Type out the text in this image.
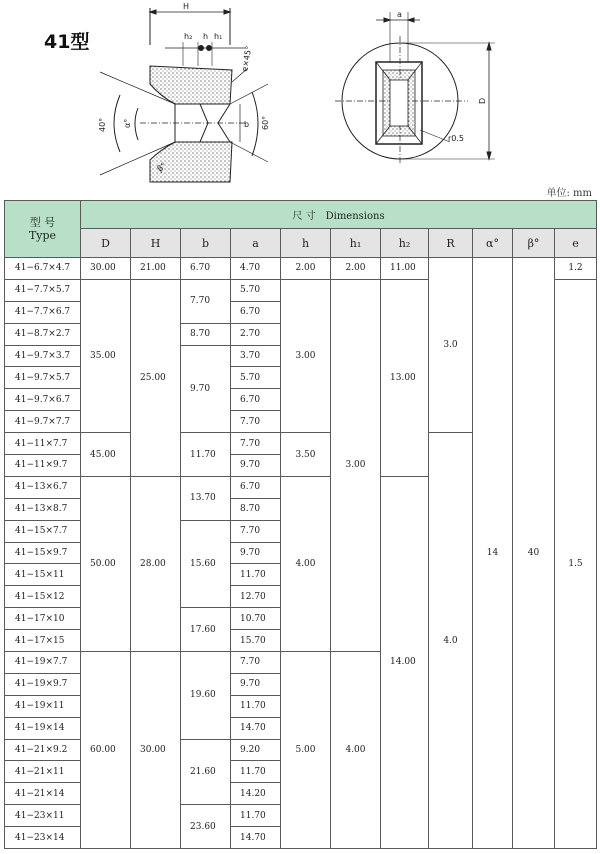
41型
H
h₂ h h₁
e×45°
40° α°	b 60°
β°
a
D
r0.5
单位: mm
型 号
Type	尺 寸　Dimensions										
	D	H	b	a	h	h₁	h₂	R	α°	β°	e
41−6.7×4.7	30.00	21.00	6.70	4.70	2.00	2.00	11.00	3.0	14	40	1.2
41−7.7×5.7	35.00	25.00	7.70	5.70	3.00	3.00	13.00				1.5
41−7.7×6.7				6.70							
41−8.7×2.7			8.70	2.70							
41−9.7×3.7			9.70	3.70							
41−9.7×5.7				5.70							
41−9.7×6.7				6.70							
41−9.7×7.7				7.70							
41−11×7.7	45.00		11.70	7.70	3.50			4.0			
41−11×9.7				9.70							
41−13×6.7	50.00	28.00	13.70	6.70	4.00		14.00				
41−13×8.7				8.70							
41−15×7.7			15.60	7.70							
41−15×9.7				9.70							
41−15×11				11.70							
41−15×12				12.70							
41−17×10			17.60	10.70							
41−17×15				15.70							
41−19×7.7	60.00	30.00	19.60	7.70	5.00	4.00					
41−19×9.7				9.70							
41−19×11				11.70							
41−19×14				14.70							
41−21×9.2			21.60	9.20							
41−21×11				11.70							
41−21×14				14.20							
41−23×11			23.60	11.70							
41−23×14				14.70							
